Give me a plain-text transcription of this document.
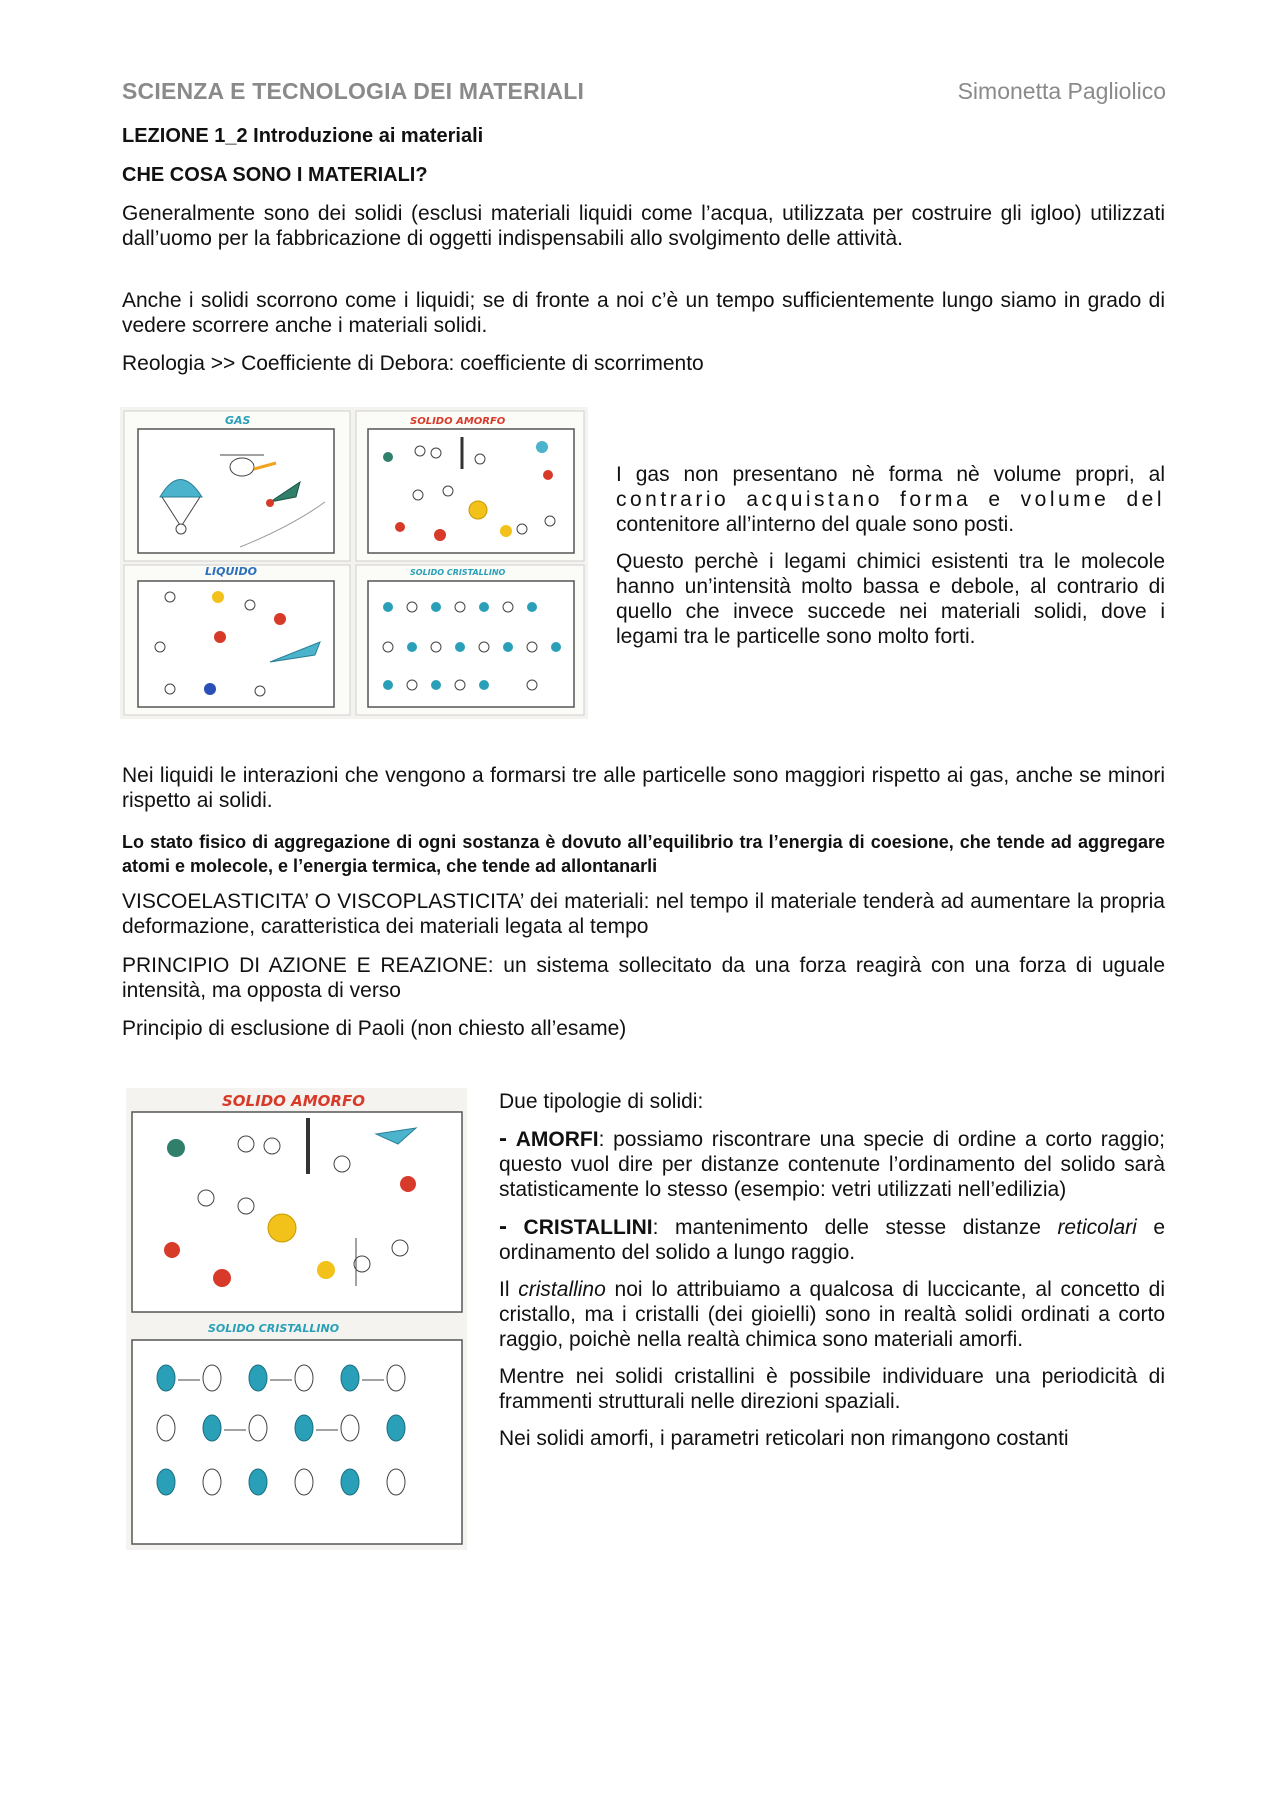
SCIENZA E TECNOLOGIA DEI MATERIALI	Simonetta Pagliolico
LEZIONE 1_2 Introduzione ai materiali
CHE COSA SONO I MATERIALI?
Generalmente sono dei solidi (esclusi materiali liquidi come l’acqua, utilizzata per costruire gli igloo) utilizzati dall’uomo per la fabbricazione di oggetti indispensabili allo svolgimento delle attività.
Anche i solidi scorrono come i liquidi; se di fronte a noi c’è un tempo sufficientemente lungo siamo in grado di vedere scorrere anche i materiali solidi.
Reologia >> Coefficiente di Debora: coefficiente di scorrimento
GAS	SOLIDO AMORFO
LIQUIDO	SOLIDO CRISTALLINO

I gas non presentano nè forma nè volume propri, al contrario acquistano forma e volume del contenitore all’interno del quale sono posti.

Questo perchè i legami chimici esistenti tra le molecole hanno un’intensità molto bassa e debole, al contrario di quello che invece succede nei materiali solidi, dove i legami tra le particelle sono molto forti.

Nei liquidi le interazioni che vengono a formarsi tre alle particelle sono maggiori rispetto ai gas, anche se minori rispetto ai solidi.
Lo stato fisico di aggregazione di ogni sostanza è dovuto all’equilibrio tra l’energia di coesione, che tende ad aggregare atomi e molecole, e l’energia termica, che tende ad allontanarli
VISCOELASTICITA’ O VISCOPLASTICITA’ dei materiali: nel tempo il materiale tenderà ad aumentare la propria deformazione, caratteristica dei materiali legata al tempo
PRINCIPIO DI AZIONE E REAZIONE: un sistema sollecitato da una forza reagirà con una forza di uguale intensità, ma opposta di verso
Principio di esclusione di Paoli (non chiesto all’esame)
SOLIDO AMORFO
SOLIDO CRISTALLINO

Due tipologie di solidi:

- AMORFI: possiamo riscontrare una specie di ordine a corto raggio; questo vuol dire per distanze contenute l’ordinamento del solido sarà statisticamente lo stesso (esempio: vetri utilizzati nell’edilizia)

- CRISTALLINI: mantenimento delle stesse distanze reticolari e ordinamento del solido a lungo raggio.

Il cristallino noi lo attribuiamo a qualcosa di luccicante, al concetto di cristallo, ma i cristalli (dei gioielli) sono in realtà solidi ordinati a corto raggio, poichè nella realtà chimica sono materiali amorfi.

Mentre nei solidi cristallini è possibile individuare una periodicità di frammenti strutturali nelle direzioni spaziali.

Nei solidi amorfi, i parametri reticolari non rimangono costanti
